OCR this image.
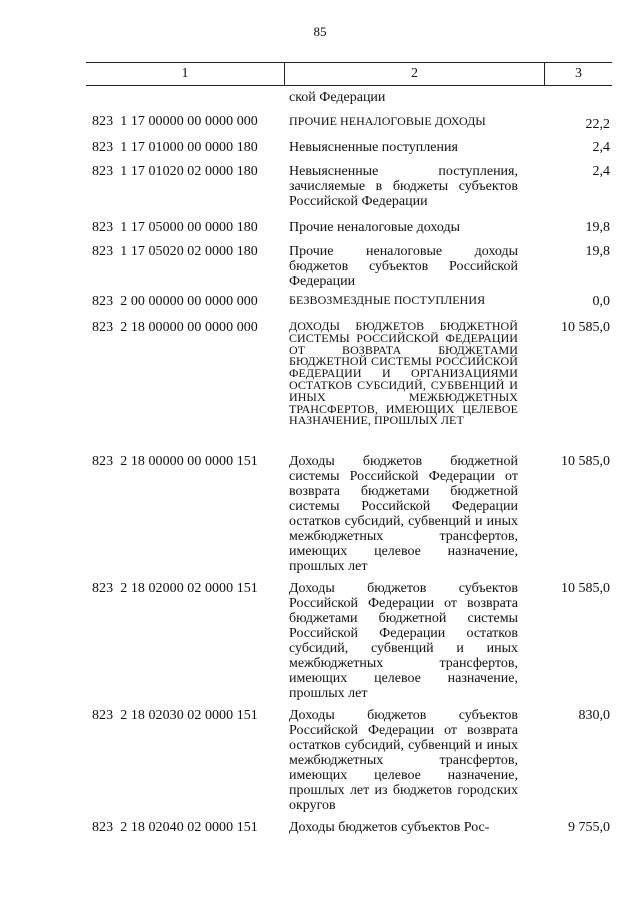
85
1	2	3
ской Федерации
823  1 17 00000 00 0000 000	ПРОЧИЕ НЕНАЛОГОВЫЕ ДОХОДЫ	22,2
823  1 17 01000 00 0000 180 Невыясненные поступления	2,4
823  1 17 01020 02 0000 180 Невыясненные поступления, зачисляемые в бюджеты субъектов Российской Федерации
2,4
823  1 17 05000 00 0000 180 Прочие неналоговые доходы	19,8
823  1 17 05020 02 0000 180 Прочие неналоговые доходы бюджетов субъектов Российской Федерации
19,8
823  2 00 00000 00 0000 000	БЕЗВОЗМЕЗДНЫЕ ПОСТУПЛЕНИЯ	0,0
823  2 18 00000 00 0000 000	ДОХОДЫ БЮДЖЕТОВ БЮДЖЕТНОЙ СИСТЕМЫ РОССИЙСКОЙ ФЕДЕРАЦИИ ОТ ВОЗВРАТА БЮДЖЕТАМИ БЮДЖЕТНОЙ СИСТЕМЫ РОССИЙСКОЙ ФЕДЕРАЦИИ И ОРГАНИЗАЦИЯМИ ОСТАТКОВ СУБСИДИЙ, СУБВЕНЦИЙ И ИНЫХ МЕЖБЮДЖЕТНЫХ ТРАНСФЕРТОВ, ИМЕЮЩИХ ЦЕЛЕВОЕ НАЗНАЧЕНИЕ, ПРОШЛЫХ ЛЕТ
10 585,0
823  2 18 00000 00 0000 151 Доходы бюджетов бюджетной системы Российской Федерации от возврата бюджетами бюджетной системы Российской Федерации остатков субсидий, субвенций и иных межбюджетных трансфертов, имеющих целевое назначение, прошлых лет
10 585,0
823  2 18 02000 02 0000 151 Доходы бюджетов субъектов Российской Федерации от возврата бюджетами бюджетной системы Российской Федерации остатков субсидий, субвенций и иных межбюджетных трансфертов, имеющих целевое назначение, прошлых лет
10 585,0
823  2 18 02030 02 0000 151 Доходы бюджетов субъектов Российской Федерации от возврата остатков субсидий, субвенций и иных межбюджетных трансфертов, имеющих целевое назначение, прошлых лет из бюджетов городских округов
830,0
823  2 18 02040 02 0000 151 Доходы бюджетов субъектов Рос-	9 755,0
